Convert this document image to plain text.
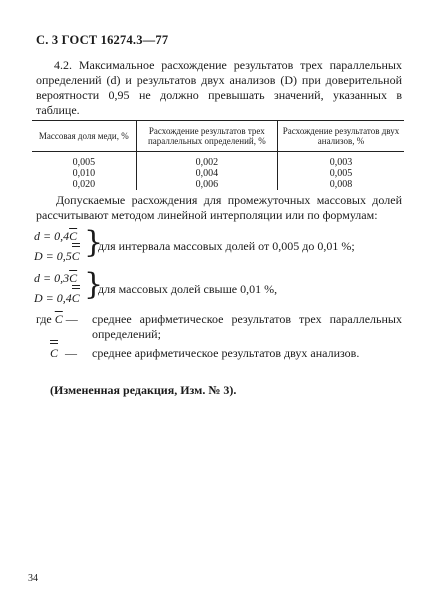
С. 3 ГОСТ 16274.3—77
4.2. Максимальное расхождение результатов трех параллельных определений (d) и результатов двух анализов (D) при доверительной вероятности 0,95 не должно превышать значений, указанных в таблице.
Массовая доля меди, %	Расхождение результатов трех параллельных определений, %	Расхождение результатов двух анализов, %
0,005	0,002	0,003
0,010	0,004	0,005
0,020	0,006	0,008
Допускаемые расхождения для промежуточных массовых долей рассчитывают методом линейной интерполяции или по формулам:
$d = 0,4\overline{C}$
D = 0,5C }
для интервала массовых долей от 0,005 до 0,01 %;
$d = 0,3\overline{C}$
D = 0,4C }
для массовых долей свыше 0,01 %,
где $\overline{C}$ —	среднее арифметическое результатов трех параллельных определений;
C — среднее арифметическое результатов двух анализов.
(Измененная редакция, Изм. № 3).
34
